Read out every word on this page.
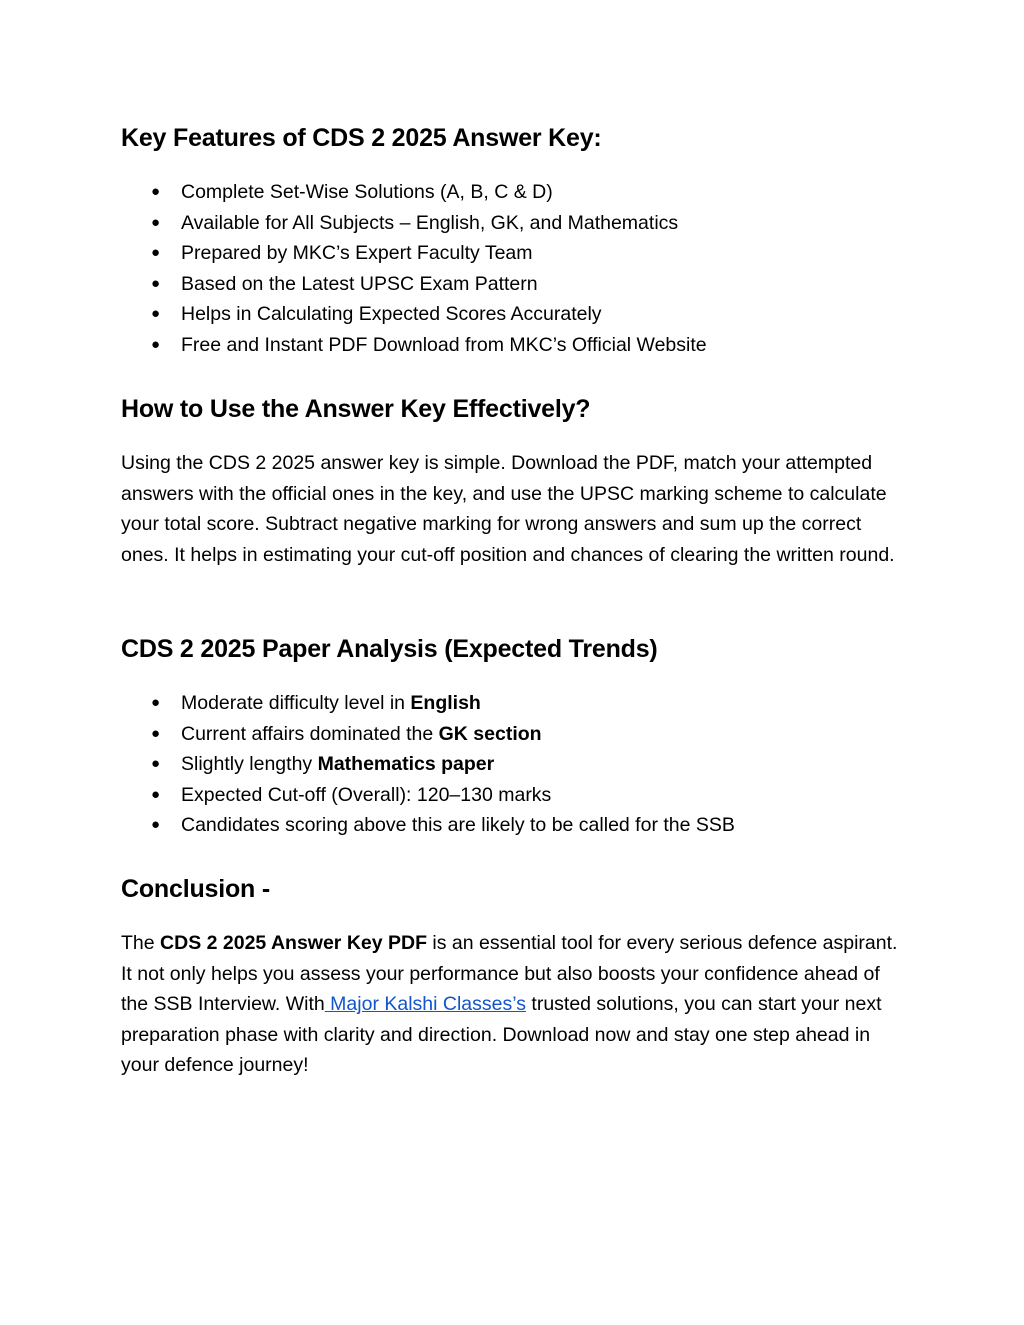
Key Features of CDS 2 2025 Answer Key:
● Complete Set-Wise Solutions (A, B, C & D)
● Available for All Subjects – English, GK, and Mathematics
● Prepared by MKC’s Expert Faculty Team
● Based on the Latest UPSC Exam Pattern
● Helps in Calculating Expected Scores Accurately
● Free and Instant PDF Download from MKC’s Official Website
How to Use the Answer Key Effectively?

Using the CDS 2 2025 answer key is simple. Download the PDF, match your attempted answers with the official ones in the key, and use the UPSC marking scheme to calculate your total score. Subtract negative marking for wrong answers and sum up the correct ones. It helps in estimating your cut-off position and chances of clearing the written round.

CDS 2 2025 Paper Analysis (Expected Trends)
● Moderate difficulty level in English
● Current affairs dominated the GK section
● Slightly lengthy Mathematics paper
● Expected Cut-off (Overall): 120–130 marks
● Candidates scoring above this are likely to be called for the SSB
Conclusion -

The CDS 2 2025 Answer Key PDF is an essential tool for every serious defence aspirant. It not only helps you assess your performance but also boosts your confidence ahead of the SSB Interview. With Major Kalshi Classes’s trusted solutions, you can start your next preparation phase with clarity and direction. Download now and stay one step ahead in your defence journey!
